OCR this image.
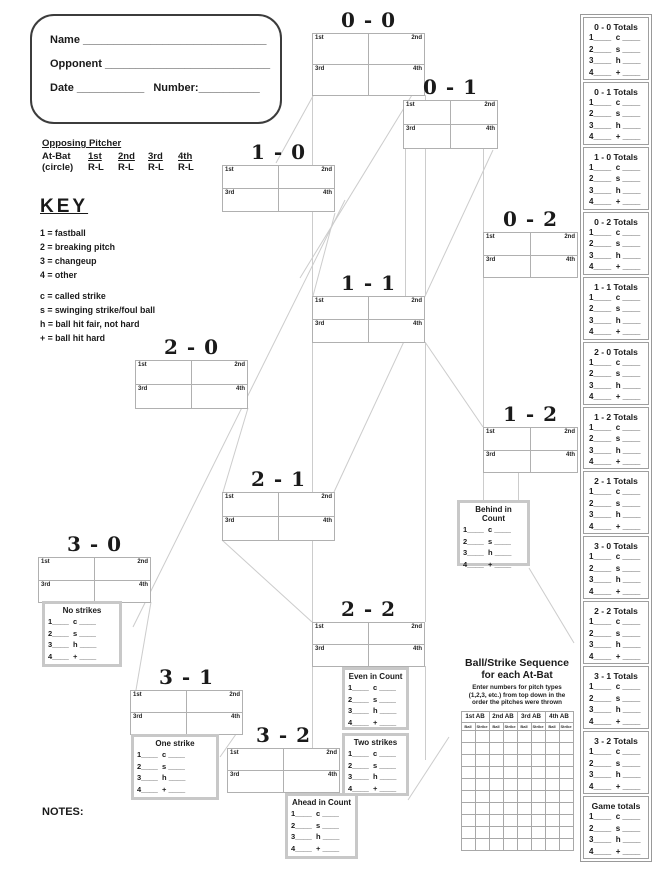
Name ______________________________
Opponent ___________________________
Date ___________   Number:__________
Opposing Pitcher
At-Bat	1st	2nd	3rd	4th
(circle)	R-L	R-L	R-L	R-L
KEY
1 = fastball
2 = breaking pitch
3 = changeup
4 = other
c = called strike
s = swinging strike/foul ball
h = ball hit fair, not hard
+ = ball hit hard
0 - 0
1st	2nd
3rd	4th
0 - 1
1st	2nd
3rd	4th
1 - 0
1st	2nd
3rd	4th
0 - 2
1st	2nd
3rd	4th
1 - 1
1st	2nd
3rd	4th
2 - 0
1st	2nd
3rd	4th
1 - 2
1st	2nd
3rd	4th
2 - 1
1st	2nd
3rd	4th
3 - 0
1st	2nd
3rd	4th
2 - 2
1st	2nd
3rd	4th
3 - 1
1st	2nd
3rd	4th
3 - 2
1st	2nd
3rd	4th
No strikes
1____  c ____
2____  s ____
3____  h ____
4____  + ____
One strike
1____  c ____
2____  s ____
3____  h ____
4____  + ____
Even in Count
1____  c ____
2____  s ____
3____  h ____
4____  + ____
Two strikes
1____  c ____
2____  s ____
3____  h ____
4____  + ____
Ahead in Count
1____  c ____
2____  s ____
3____  h ____
4____  + ____
Behind in Count
1____  c ____
2____  s ____
3____  h ____
4____  + ____
Ball/Strike Sequence
for each At-Bat
Enter numbers for pitch types
(1,2,3, etc.) from top down in the
order the pitches were thrown
1st AB		2nd AB		3rd AB		4th AB	
Ball	Strike	Ball	Strike	Ball	Strike	Ball	Strike

0 - 0 Totals
1____  c ____
2____  s ____
3____  h ____
4____  + ____
0 - 1 Totals
1____  c ____
2____  s ____
3____  h ____
4____  + ____
1 - 0 Totals
1____  c ____
2____  s ____
3____  h ____
4____  + ____
0 - 2 Totals
1____  c ____
2____  s ____
3____  h ____
4____  + ____
1 - 1 Totals
1____  c ____
2____  s ____
3____  h ____
4____  + ____
2 - 0 Totals
1____  c ____
2____  s ____
3____  h ____
4____  + ____
1 - 2 Totals
1____  c ____
2____  s ____
3____  h ____
4____  + ____
2 - 1 Totals
1____  c ____
2____  s ____
3____  h ____
4____  + ____
3 - 0 Totals
1____  c ____
2____  s ____
3____  h ____
4____  + ____
2 - 2 Totals
1____  c ____
2____  s ____
3____  h ____
4____  + ____
3 - 1 Totals
1____  c ____
2____  s ____
3____  h ____
4____  + ____
3 - 2 Totals
1____  c ____
2____  s ____
3____  h ____
4____  + ____
Game totals
1____  c ____
2____  s ____
3____  h ____
4____  + ____
NOTES:
